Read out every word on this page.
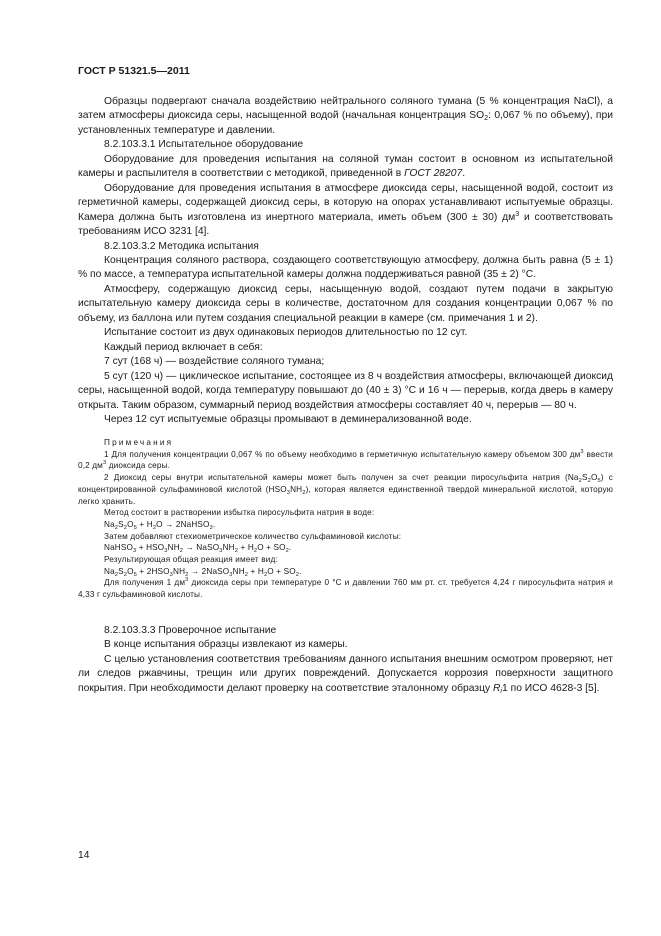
ГОСТ Р 51321.5—2011

Образцы подвергают сначала воздействию нейтрального соляного тумана (5 % концентрация NaCl), а затем атмосферы диоксида серы, насыщенной водой (начальная концентрация $SO_2$: 0,067 % по объему), при установленных температуре и давлении.

8.2.103.3.1 Испытательное оборудование

Оборудование для проведения испытания на соляной туман состоит в основном из испытательной камеры и распылителя в соответствии с методикой, приведенной в ГОСТ 28207.

Оборудование для проведения испытания в атмосфере диоксида серы, насыщенной водой, состоит из герметичной камеры, содержащей диоксид серы, в которую на опорах устанавливают испытуемые образцы. Камера должна быть изготовлена из инертного материала, иметь объем (300 ± 30) $дм^3$ и соответствовать требованиям ИСО 3231 [4].

8.2.103.3.2 Методика испытания

Концентрация соляного раствора, создающего соответствующую атмосферу, должна быть равна (5 ± 1) % по массе, а температура испытательной камеры должна поддерживаться равной (35 ± 2) °С.

Атмосферу, содержащую диоксид серы, насыщенную водой, создают путем подачи в закрытую испытательную камеру диоксида серы в количестве, достаточном для создания концентрации 0,067 % по объему, из баллона или путем создания специальной реакции в камере (см. примечания 1 и 2).

Испытание состоит из двух одинаковых периодов длительностью по 12 сут.

Каждый период включает в себя:

7 сут (168 ч) — воздействие соляного тумана;

5 сут (120 ч) — циклическое испытание, состоящее из 8 ч воздействия атмосферы, включающей диоксид серы, насыщенной водой, когда температуру повышают до (40 ± 3) °С и 16 ч — перерыв, когда дверь в камеру открыта. Таким образом, суммарный период воздействия атмосферы составляет 40 ч, перерыв — 80 ч.

Через 12 сут испытуемые образцы промывают в деминерализованной воде.

Примечания

1 Для получения концентрации 0,067 % по объему необходимо в герметичную испытательную камеру объемом 300 $дм^3$ ввести 0,2 $дм^3$ диоксида серы.

2 Диоксид серы внутри испытательной камеры может быть получен за счет реакции пиросульфита натрия $(Na_2S_2O_5)$ с концентрированной сульфаминовой кислотой $(HSO_3NH_2)$, которая является единственной твердой минеральной кислотой, которую легко хранить.

Метод состоит в растворении избытка пиросульфита натрия в воде:

$Na_2S_2O_5 + H_2O$ → 2NaHSO$_3$.

Затем добавляют стехиометрическое количество сульфаминовой кислоты:

NaHSO$_3$ + $HSO_3NH_2$ → $NaSO_3NH_2 + H_2O + SO_2$.

Результирующая общая реакция имеет вид:

$Na_2S_2O_5 + 2HSO_3NH_2$ → $2NaSO_3NH_2 + H_2O + SO_2$.

Для получения 1 $дм^3$ диоксида серы при температуре 0 °С и давлении 760 мм рт. ст. требуется 4,24 г пиросульфита натрия и 4,33 г сульфаминовой кислоты.

8.2.103.3.3 Проверочное испытание

В конце испытания образцы извлекают из камеры.

С целью установления соответствия требованиям данного испытания внешним осмотром проверяют, нет ли следов ржавчины, трещин или других повреждений. Допускается коррозия поверхности защитного покрытия. При необходимости делают проверку на соответствие эталонному образцу $R_i1$ по ИСО 4628-3 [5].

14
